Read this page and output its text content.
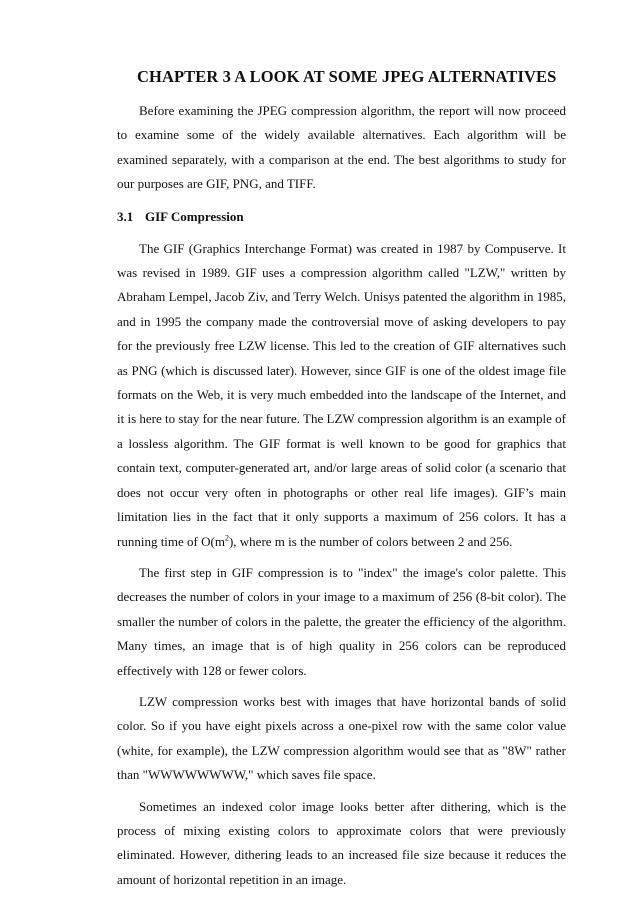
CHAPTER 3 A LOOK AT SOME JPEG ALTERNATIVES

Before examining the JPEG compression algorithm, the report will now proceed to examine some of the widely available alternatives. Each algorithm will be examined separately, with a comparison at the end. The best algorithms to study for our purposes are GIF, PNG, and TIFF.

3.1 GIF Compression

The GIF (Graphics Interchange Format) was created in 1987 by Compuserve. It was revised in 1989. GIF uses a compression algorithm called "LZW," written by Abraham Lempel, Jacob Ziv, and Terry Welch. Unisys patented the algorithm in 1985, and in 1995 the company made the controversial move of asking developers to pay for the previously free LZW license. This led to the creation of GIF alternatives such as PNG (which is discussed later). However, since GIF is one of the oldest image file formats on the Web, it is very much embedded into the landscape of the Internet, and it is here to stay for the near future. The LZW compression algorithm is an example of a lossless algorithm. The GIF format is well known to be good for graphics that contain text, computer-generated art, and/or large areas of solid color (a scenario that does not occur very often in photographs or other real life images). GIF’s main limitation lies in the fact that it only supports a maximum of 256 colors. It has a running time of $O(m^2)$, where m is the number of colors between 2 and 256.

The first step in GIF compression is to "index" the image's color palette. This decreases the number of colors in your image to a maximum of 256 (8-bit color). The smaller the number of colors in the palette, the greater the efficiency of the algorithm. Many times, an image that is of high quality in 256 colors can be reproduced effectively with 128 or fewer colors.

LZW compression works best with images that have horizontal bands of solid color. So if you have eight pixels across a one-pixel row with the same color value (white, for example), the LZW compression algorithm would see that as "8W" rather than "WWWWWWWW," which saves file space.

Sometimes an indexed color image looks better after dithering, which is the process of mixing existing colors to approximate colors that were previously eliminated. However, dithering leads to an increased file size because it reduces the amount of horizontal repetition in an image.
